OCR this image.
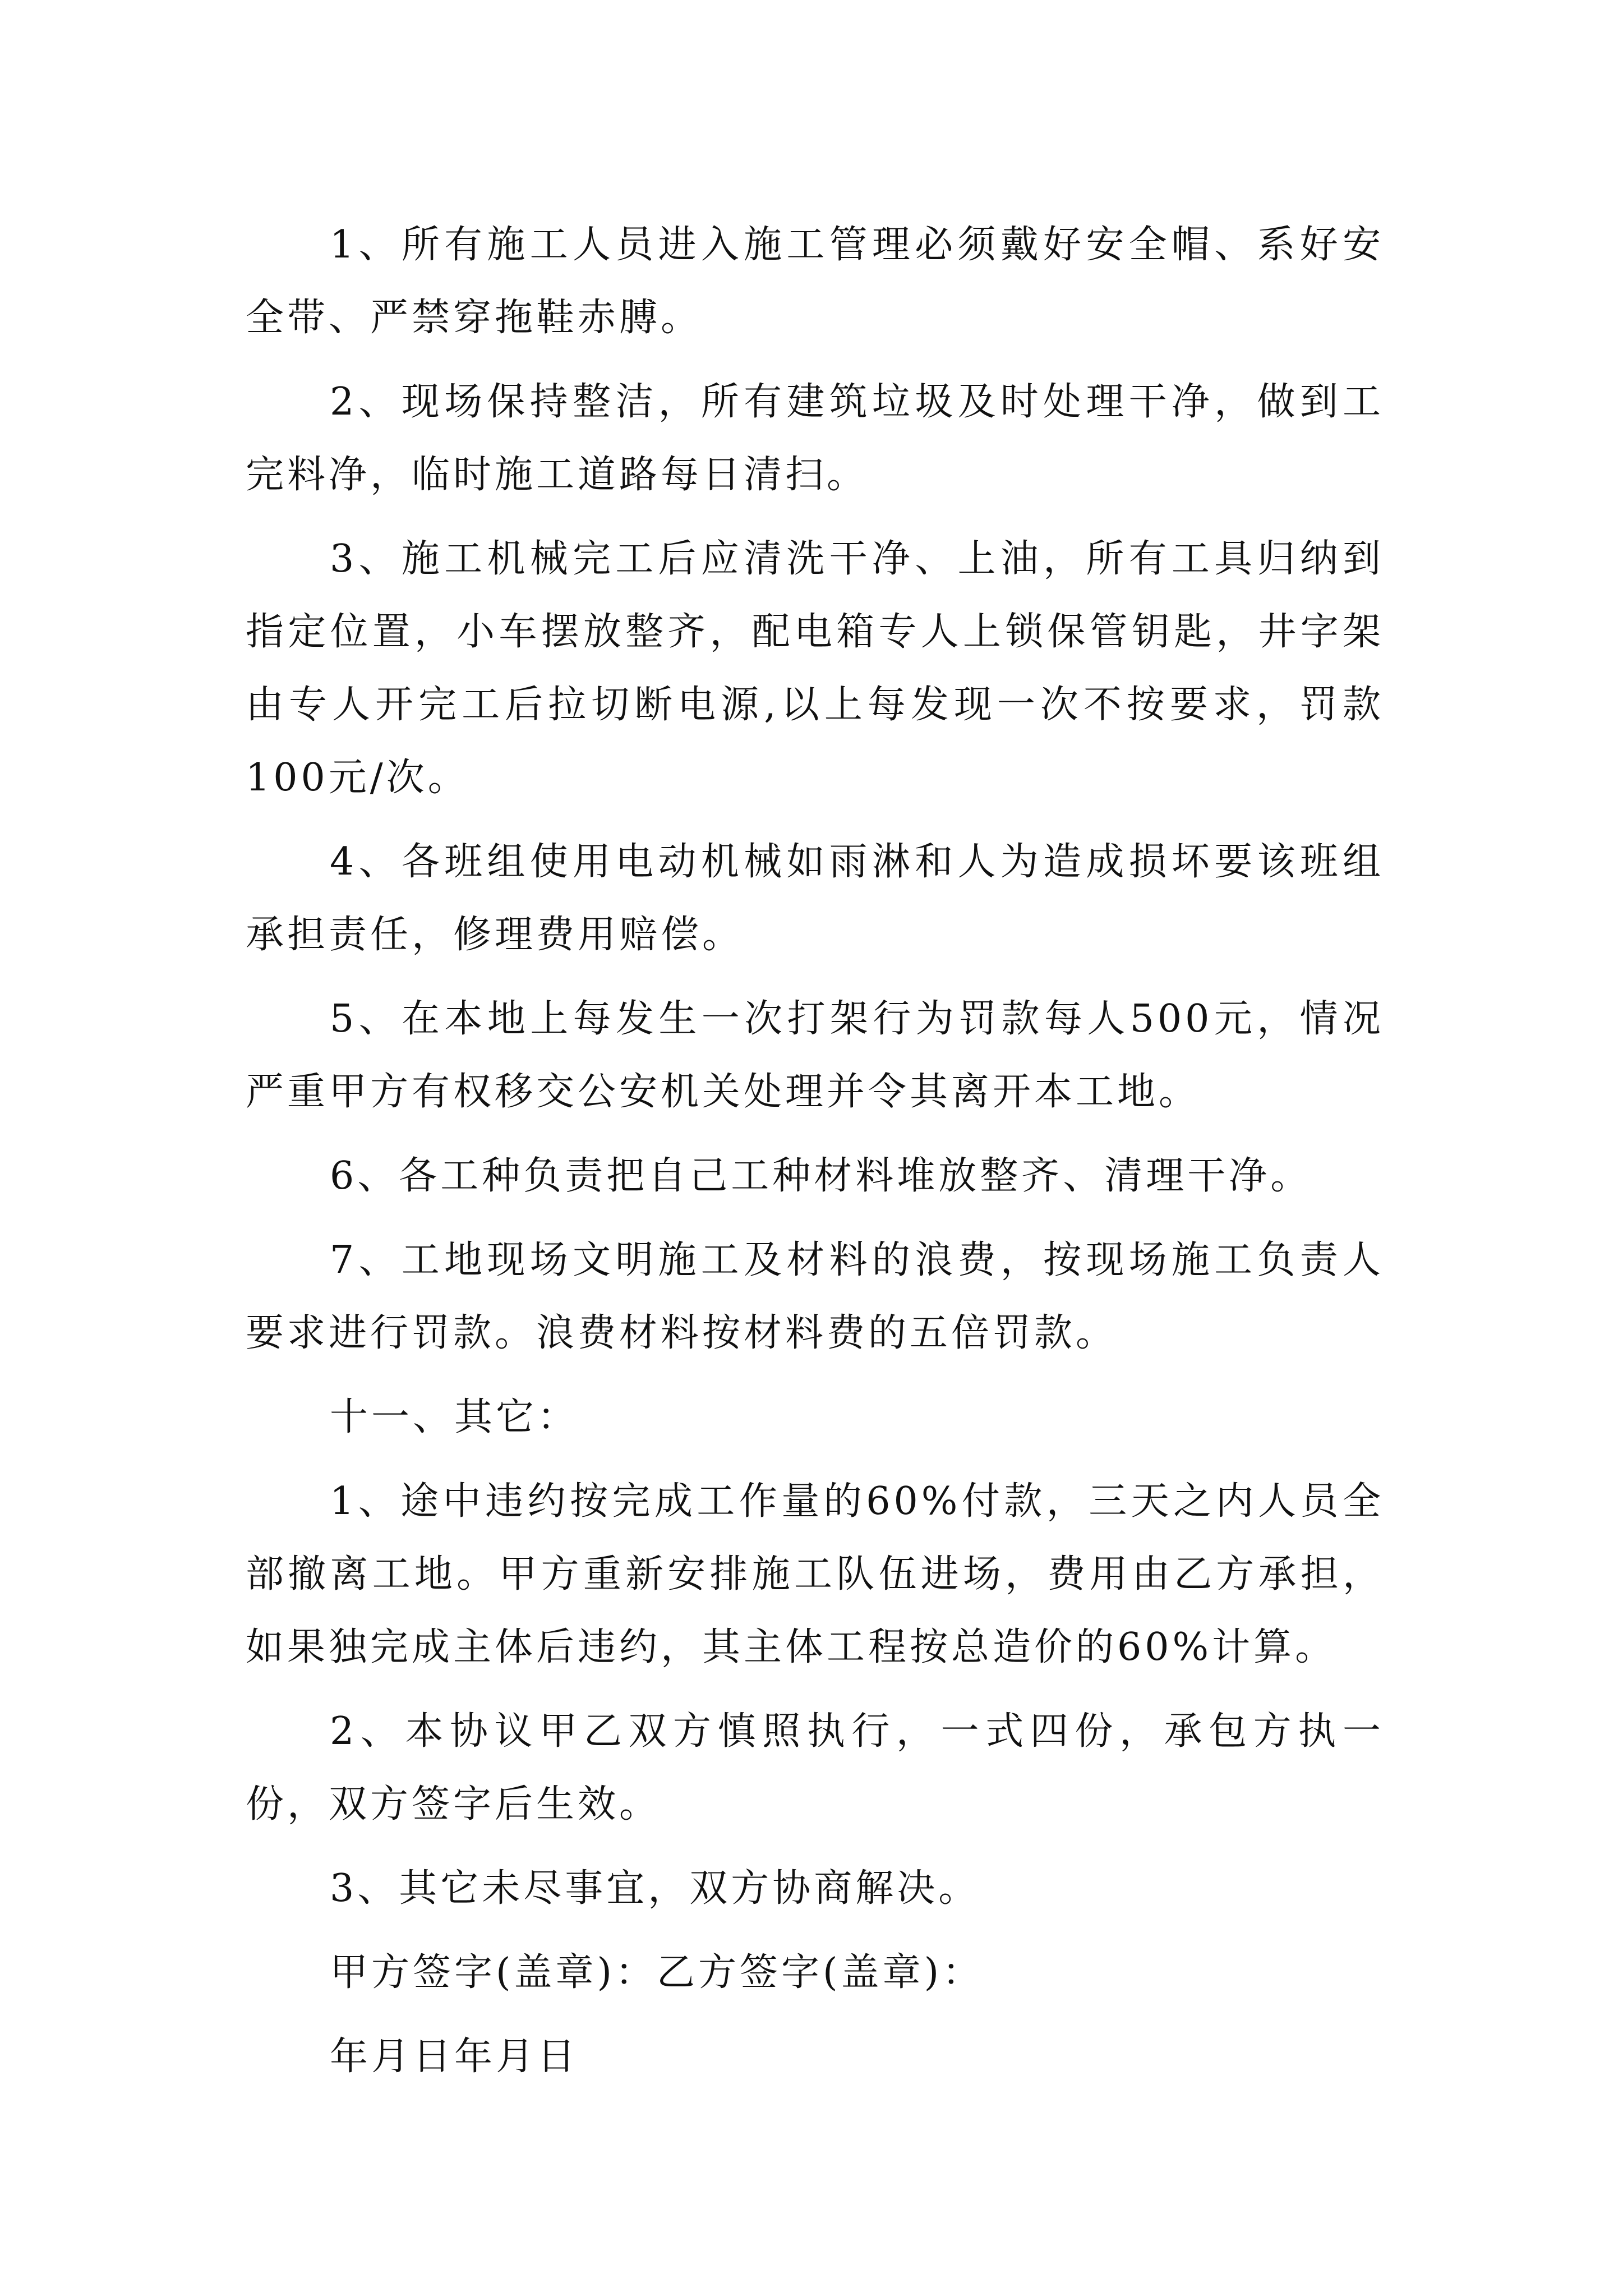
1、所有施工人员进入施工管理必须戴好安全帽、系好安全带、严禁穿拖鞋赤膊。

2、现场保持整洁，所有建筑垃圾及时处理干净，做到工完料净，临时施工道路每日清扫。

3、施工机械完工后应清洗干净、上油，所有工具归纳到指定位置，小车摆放整齐，配电箱专人上锁保管钥匙，井字架由专人开完工后拉切断电源,以上每发现一次不按要求，罚款100元/次。

4、各班组使用电动机械如雨淋和人为造成损坏要该班组承担责任，修理费用赔偿。

5、在本地上每发生一次打架行为罚款每人500元，情况严重甲方有权移交公安机关处理并令其离开本工地。

6、各工种负责把自己工种材料堆放整齐、清理干净。

7、工地现场文明施工及材料的浪费，按现场施工负责人要求进行罚款。浪费材料按材料费的五倍罚款。

十一、其它：

1、途中违约按完成工作量的60%付款，三天之内人员全部撤离工地。甲方重新安排施工队伍进场，费用由乙方承担，如果独完成主体后违约，其主体工程按总造价的60%计算。

2、本协议甲乙双方慎照执行，一式四份，承包方执一份，双方签字后生效。

3、其它未尽事宜，双方协商解决。

甲方签字(盖章)：乙方签字(盖章)：

年月日年月日
